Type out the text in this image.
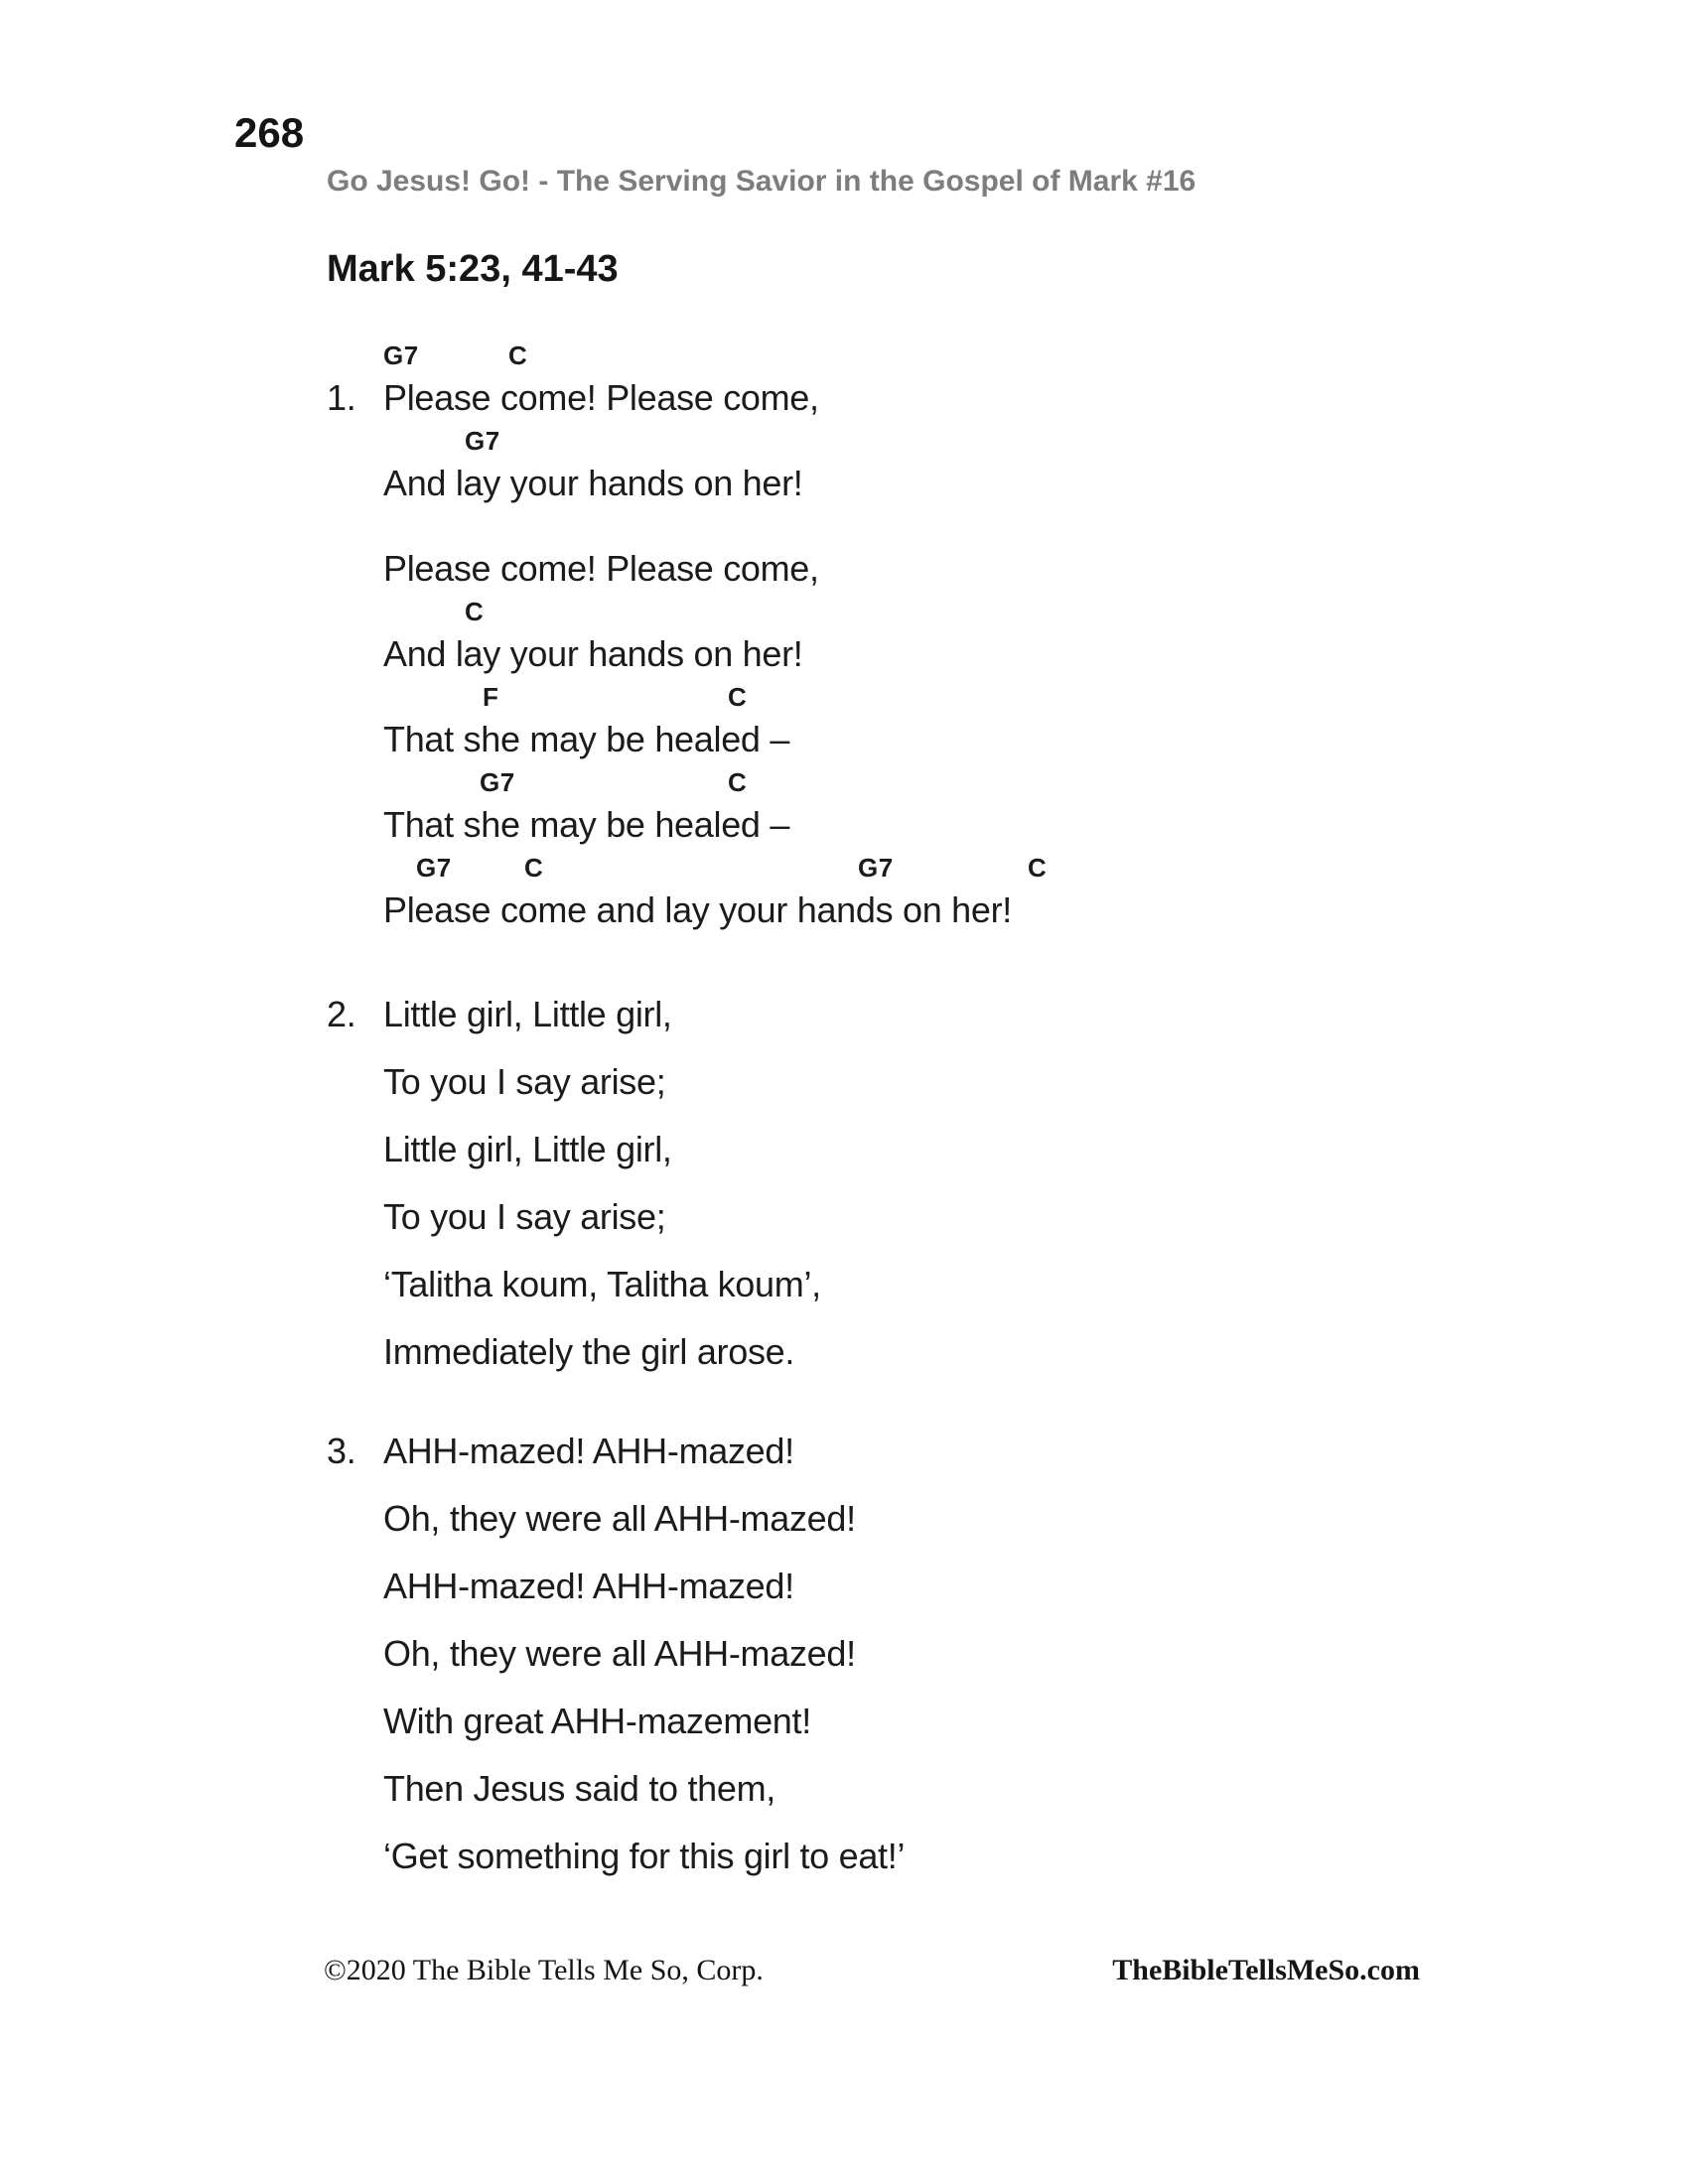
268
Go Jesus! Go! - The Serving Savior in the Gospel of Mark #16
Mark 5:23, 41-43
G7	C
1. Please come! Please come,
G7
And lay your hands on her!
Please come! Please come,
C
And lay your hands on her!
F	C
That she may be healed –
G7	C
That she may be healed –
G7	C	G7	C
Please come and lay your hands on her!
2. Little girl, Little girl,
To you I say arise;
Little girl, Little girl,
To you I say arise;
‘Talitha koum, Talitha koum’,
Immediately the girl arose.
3. AHH-mazed! AHH-mazed!
Oh, they were all AHH-mazed!
AHH-mazed! AHH-mazed!
Oh, they were all AHH-mazed!
With great AHH-mazement!
Then Jesus said to them,
‘Get something for this girl to eat!’
©2020 The Bible Tells Me So, Corp.	TheBibleTellsMeSo.com
